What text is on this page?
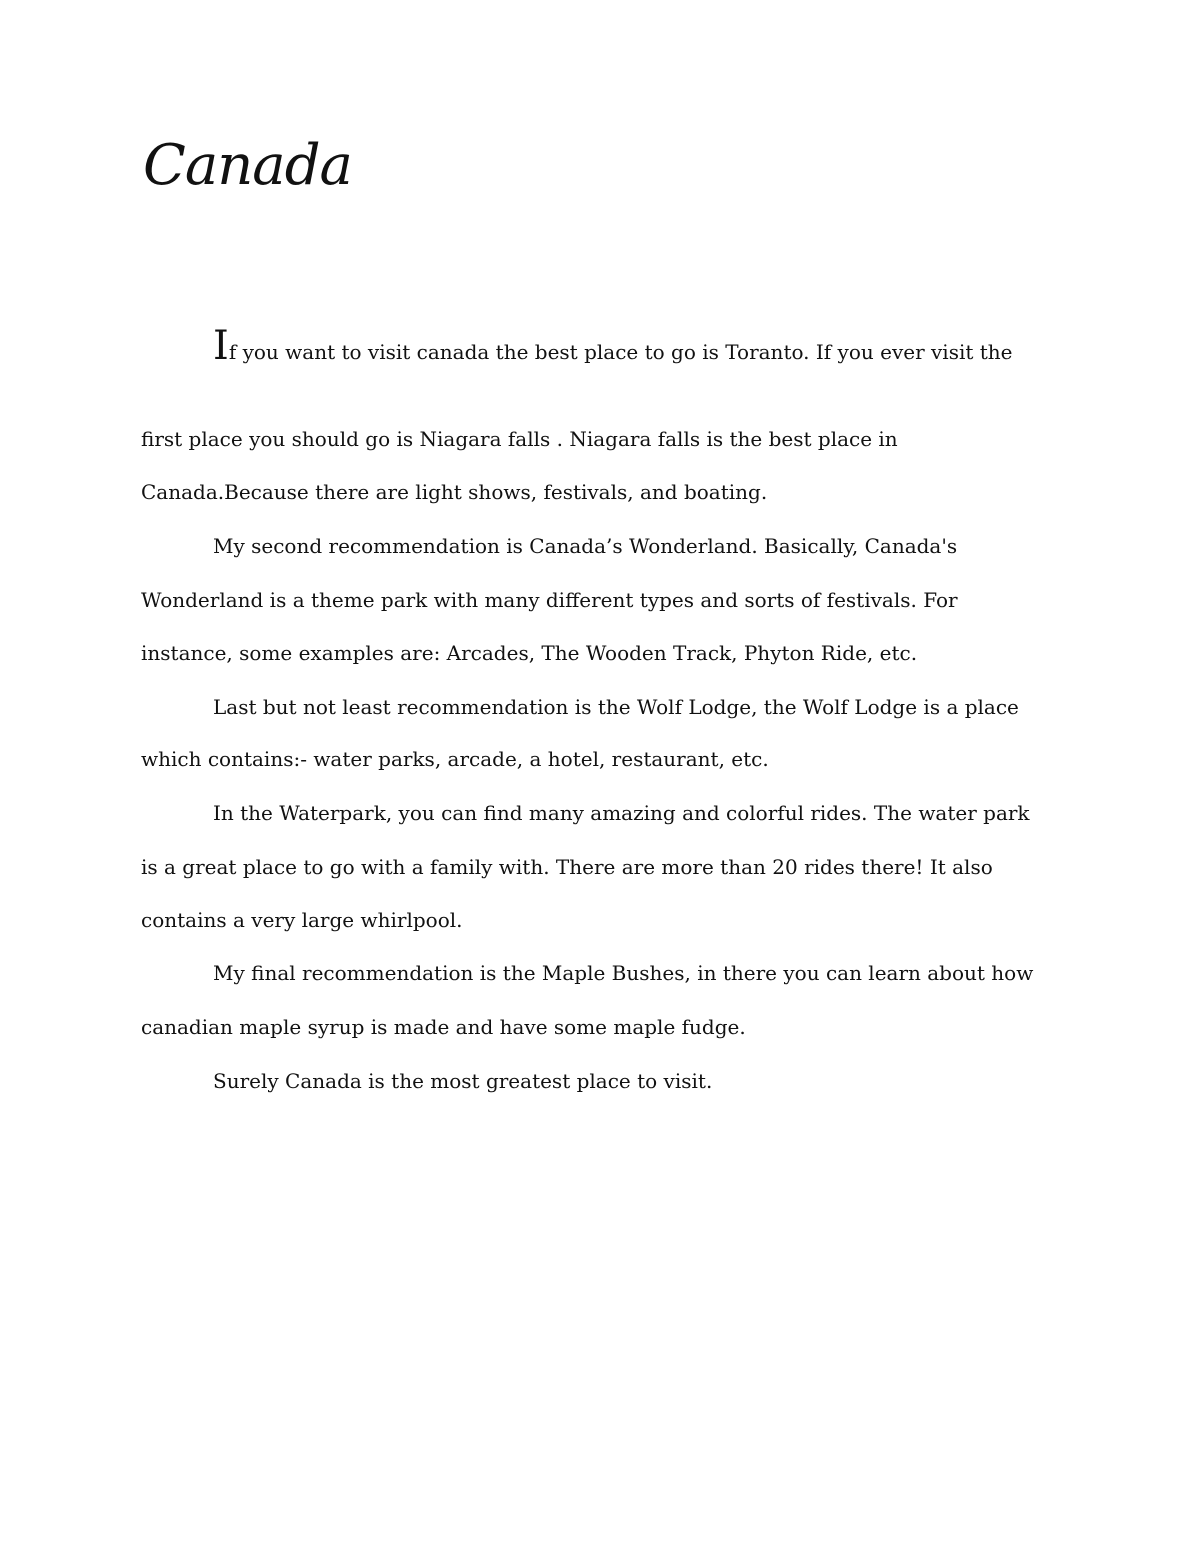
Canada
If you want to visit canada the best place to go is Toranto. If you ever visit the
first place you should go is Niagara falls . Niagara falls is the best place in
Canada.Because there are light shows, festivals, and boating.
My second recommendation is Canada’s Wonderland. Basically, Canada's
Wonderland is a theme park with many different types and sorts of festivals. For
instance, some examples are: Arcades, The Wooden Track, Phyton Ride, etc.
Last but not least recommendation is the Wolf Lodge, the Wolf Lodge is a place
which contains:- water parks, arcade, a hotel, restaurant, etc.
In the Waterpark, you can find many amazing and colorful rides. The water park
is a great place to go with a family with. There are more than 20 rides there! It also
contains a very large whirlpool.
My final recommendation is the Maple Bushes, in there you can learn about how
canadian maple syrup is made and have some maple fudge.
Surely Canada is the most greatest place to visit.
